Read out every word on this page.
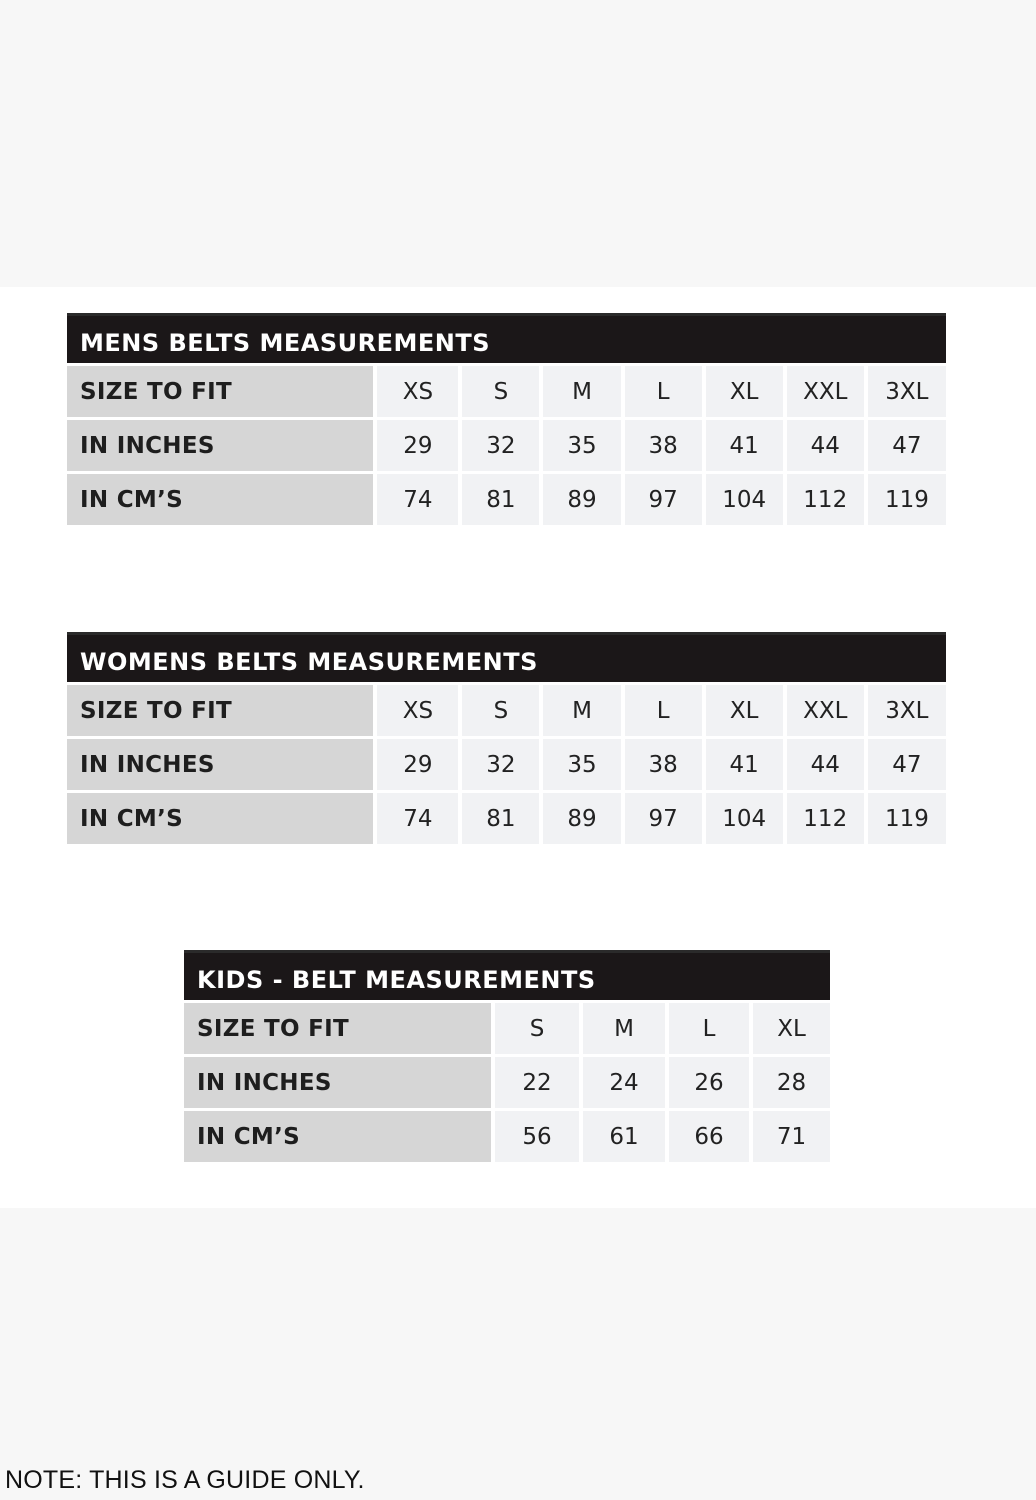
MENS BELTS MEASUREMENTS							
SIZE TO FIT	XS	S	M	L	XL	XXL	3XL
IN INCHES	29	32	35	38	41	44	47
IN CM’S	74	81	89	97	104	112	119
WOMENS BELTS MEASUREMENTS							
SIZE TO FIT	XS	S	M	L	XL	XXL	3XL
IN INCHES	29	32	35	38	41	44	47
IN CM’S	74	81	89	97	104	112	119
KIDS - BELT MEASUREMENTS				
SIZE TO FIT	S	M	L	XL
IN INCHES	22	24	26	28
IN CM’S	56	61	66	71
NOTE: THIS IS A GUIDE ONLY.
